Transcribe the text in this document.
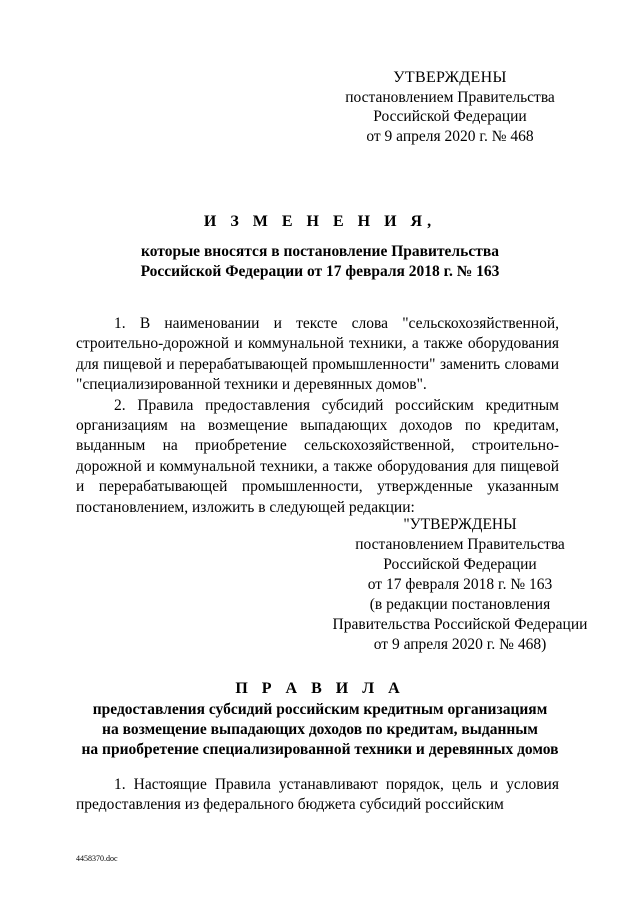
УТВЕРЖДЕНЫ
постановлением Правительства
Российской Федерации
от 9 апреля 2020 г. № 468
И З М Е Н Е Н И Я,
которые вносятся в постановление Правительства
Российской Федерации от 17 февраля 2018 г. № 163

1. В наименовании и тексте слова "сельскохозяйственной, строительно-дорожной и коммунальной техники, а также оборудования для пищевой и перерабатывающей промышленности" заменить словами "специализированной техники и деревянных домов".

2. Правила предоставления субсидий российским кредитным организациям на возмещение выпадающих доходов по кредитам, выданным на приобретение сельскохозяйственной, строительно-дорожной и коммунальной техники, а также оборудования для пищевой и перерабатывающей промышленности, утвержденные указанным постановлением, изложить в следующей редакции:

"УТВЕРЖДЕНЫ
постановлением Правительства
Российской Федерации
от 17 февраля 2018 г. № 163
(в редакции постановления
Правительства Российской Федерации
от 9 апреля 2020 г. № 468)
П Р А В И Л А
предоставления субсидий российским кредитным организациям
на возмещение выпадающих доходов по кредитам, выданным
на приобретение специализированной техники и деревянных домов

1. Настоящие Правила устанавливают порядок, цель и условия предоставления из федерального бюджета субсидий российским

4458370.doc
